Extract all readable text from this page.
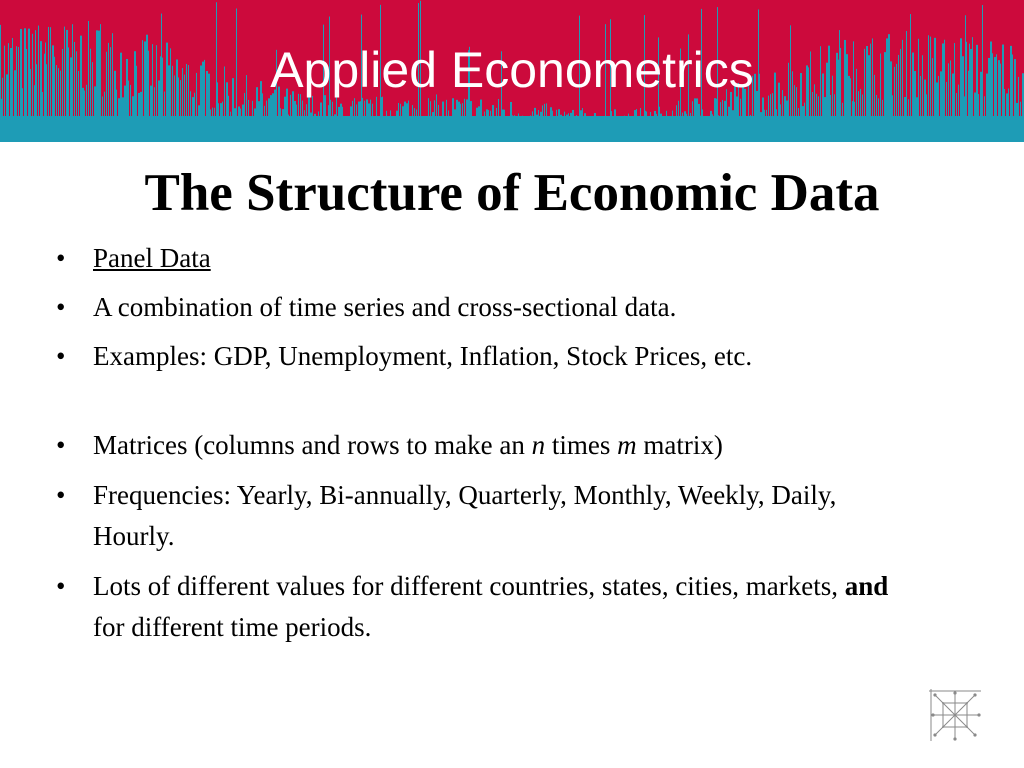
Applied Econometrics
The Structure of Economic Data
• Panel Data
• A combination of time series and cross-sectional data.
• Examples: GDP, Unemployment, Inflation, Stock Prices, etc.
• Matrices (columns and rows to make an n times m matrix)
• Frequencies: Yearly, Bi-annually, Quarterly, Monthly, Weekly, Daily, Hourly.
• Lots of different values for different countries, states, cities, markets, and for different time periods.
